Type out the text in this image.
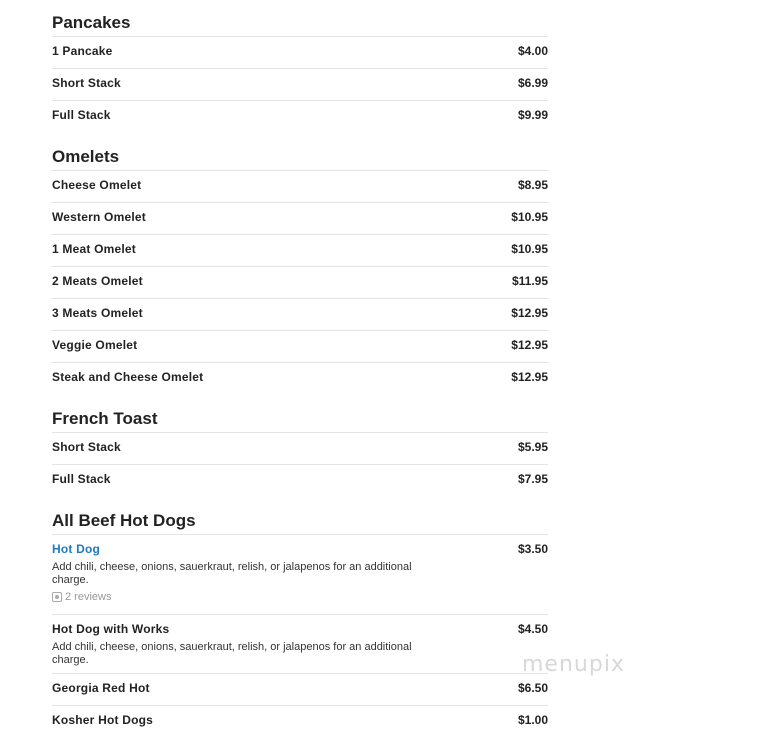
Pancakes
1 Pancake	$4.00
Short Stack	$6.99
Full Stack	$9.99
Omelets
Cheese Omelet	$8.95
Western Omelet	$10.95
1 Meat Omelet	$10.95
2 Meats Omelet	$11.95
3 Meats Omelet	$12.95
Veggie Omelet	$12.95
Steak and Cheese Omelet	$12.95
French Toast
Short Stack	$5.95
Full Stack	$7.95
All Beef Hot Dogs
Hot Dog	$3.50
Add chili, cheese, onions, sauerkraut, relish, or jalapenos for an additional charge.
2 reviews
Hot Dog with Works	$4.50
Add chili, cheese, onions, sauerkraut, relish, or jalapenos for an additional charge.
Georgia Red Hot	$6.50
Kosher Hot Dogs	$1.00
menupix
